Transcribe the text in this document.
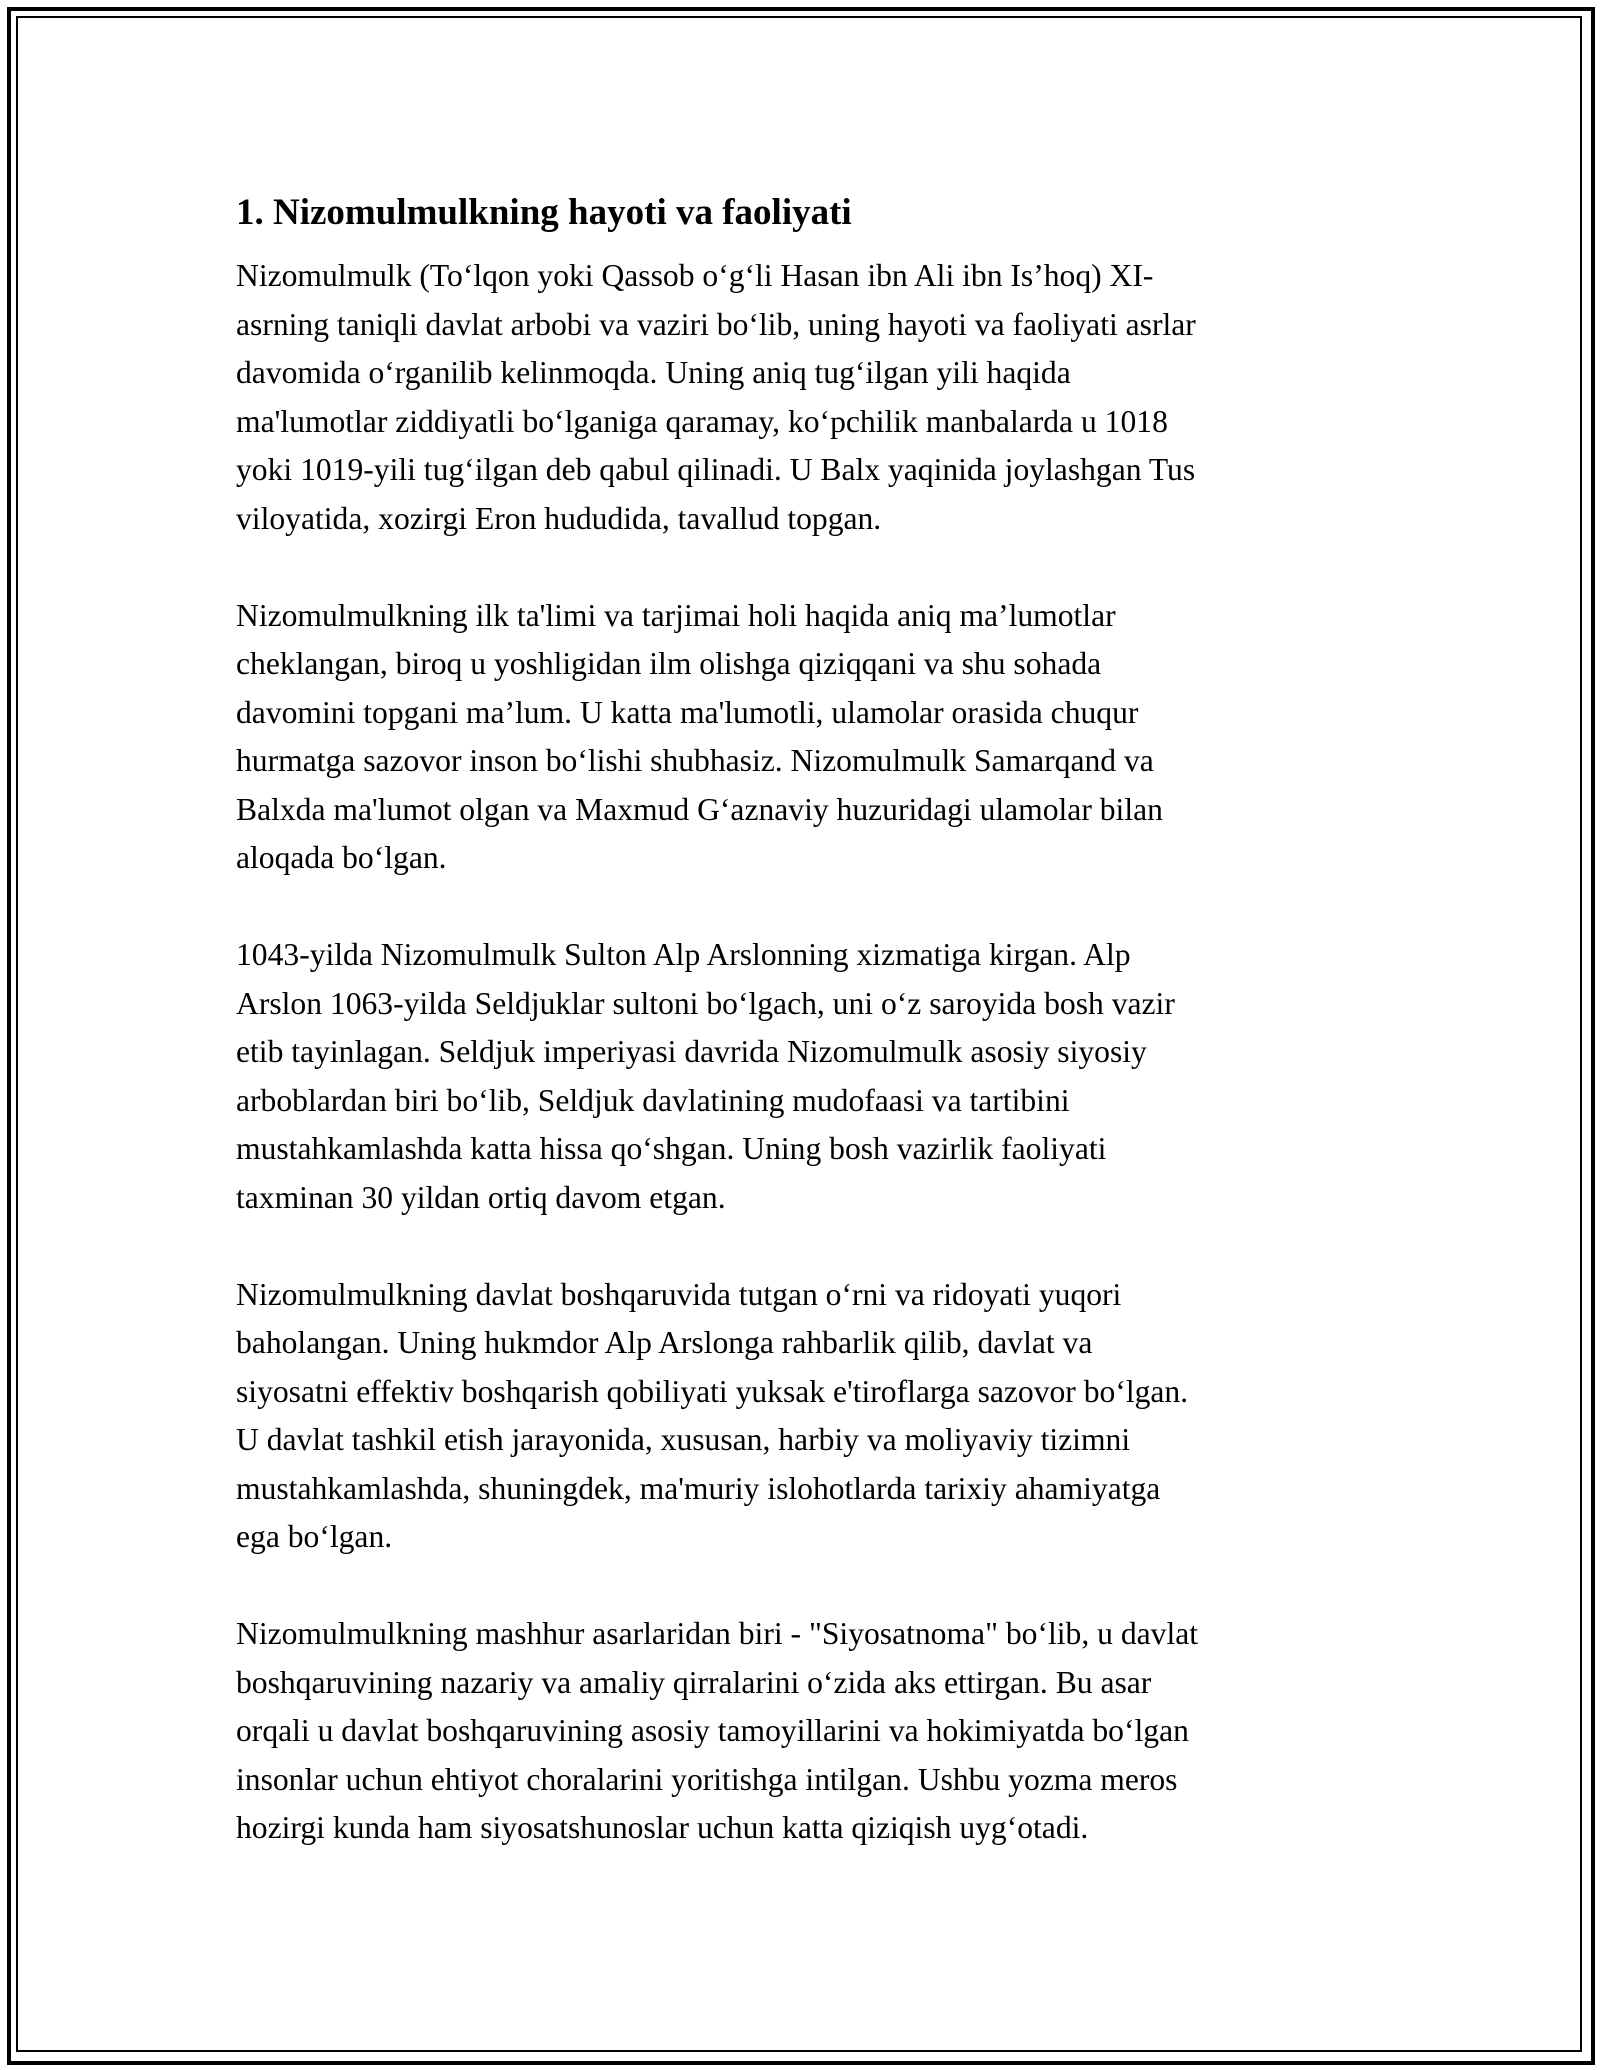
1. Nizomulmulkning hayoti va faoliyati

Nizomulmulk (To‘lqon yoki Qassob o‘g‘li Hasan ibn Ali ibn Is’hoq) XI-
asrning taniqli davlat arbobi va vaziri bo‘lib, uning hayoti va faoliyati asrlar
davomida o‘rganilib kelinmoqda. Uning aniq tug‘ilgan yili haqida
ma'lumotlar ziddiyatli bo‘lganiga qaramay, ko‘pchilik manbalarda u 1018
yoki 1019-yili tug‘ilgan deb qabul qilinadi. U Balx yaqinida joylashgan Tus
viloyatida, xozirgi Eron hududida, tavallud topgan.

Nizomulmulkning ilk ta'limi va tarjimai holi haqida aniq ma’lumotlar
cheklangan, biroq u yoshligidan ilm olishga qiziqqani va shu sohada
davomini topgani ma’lum. U katta ma'lumotli, ulamolar orasida chuqur
hurmatga sazovor inson bo‘lishi shubhasiz. Nizomulmulk Samarqand va
Balxda ma'lumot olgan va Maxmud G‘aznaviy huzuridagi ulamolar bilan
aloqada bo‘lgan.

1043-yilda Nizomulmulk Sulton Alp Arslonning xizmatiga kirgan. Alp
Arslon 1063-yilda Seldjuklar sultoni bo‘lgach, uni o‘z saroyida bosh vazir
etib tayinlagan. Seldjuk imperiyasi davrida Nizomulmulk asosiy siyosiy
arboblardan biri bo‘lib, Seldjuk davlatining mudofaasi va tartibini
mustahkamlashda katta hissa qo‘shgan. Uning bosh vazirlik faoliyati
taxminan 30 yildan ortiq davom etgan.

Nizomulmulkning davlat boshqaruvida tutgan o‘rni va ridoyati yuqori
baholangan. Uning hukmdor Alp Arslonga rahbarlik qilib, davlat va
siyosatni effektiv boshqarish qobiliyati yuksak e'tiroflarga sazovor bo‘lgan.
U davlat tashkil etish jarayonida, xususan, harbiy va moliyaviy tizimni
mustahkamlashda, shuningdek, ma'muriy islohotlarda tarixiy ahamiyatga
ega bo‘lgan.

Nizomulmulkning mashhur asarlaridan biri - "Siyosatnoma" bo‘lib, u davlat
boshqaruvining nazariy va amaliy qirralarini o‘zida aks ettirgan. Bu asar
orqali u davlat boshqaruvining asosiy tamoyillarini va hokimiyatda bo‘lgan
insonlar uchun ehtiyot choralarini yoritishga intilgan. Ushbu yozma meros
hozirgi kunda ham siyosatshunoslar uchun katta qiziqish uyg‘otadi.
